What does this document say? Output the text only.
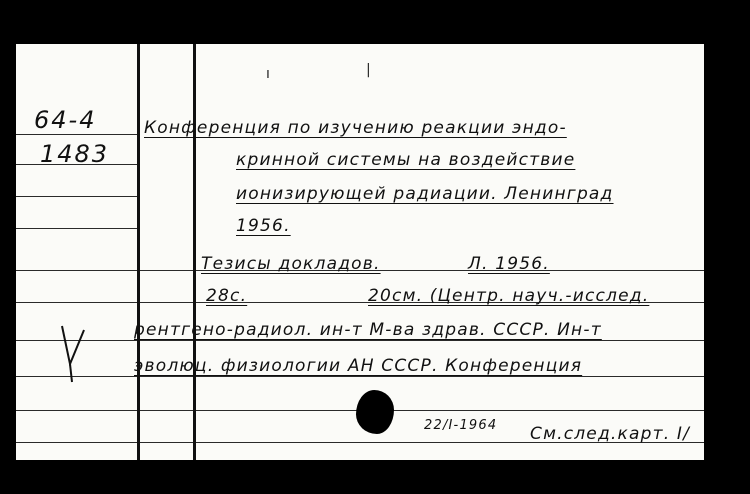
64-4
1483
Конференция по изучению реакции эндо-
кринной системы на воздействие
ионизирующей радиации. Ленинград
1956.
Тезисы докладов.	Л. 1956.
28с.	20см. (Центр. науч.-исслед.
рентгено-радиол. ин-т М-ва здрав. СССР. Ин-т
эволюц. физиологии АН СССР. Конференция
|
ı
22/I-1964 См.след.карт. I/
